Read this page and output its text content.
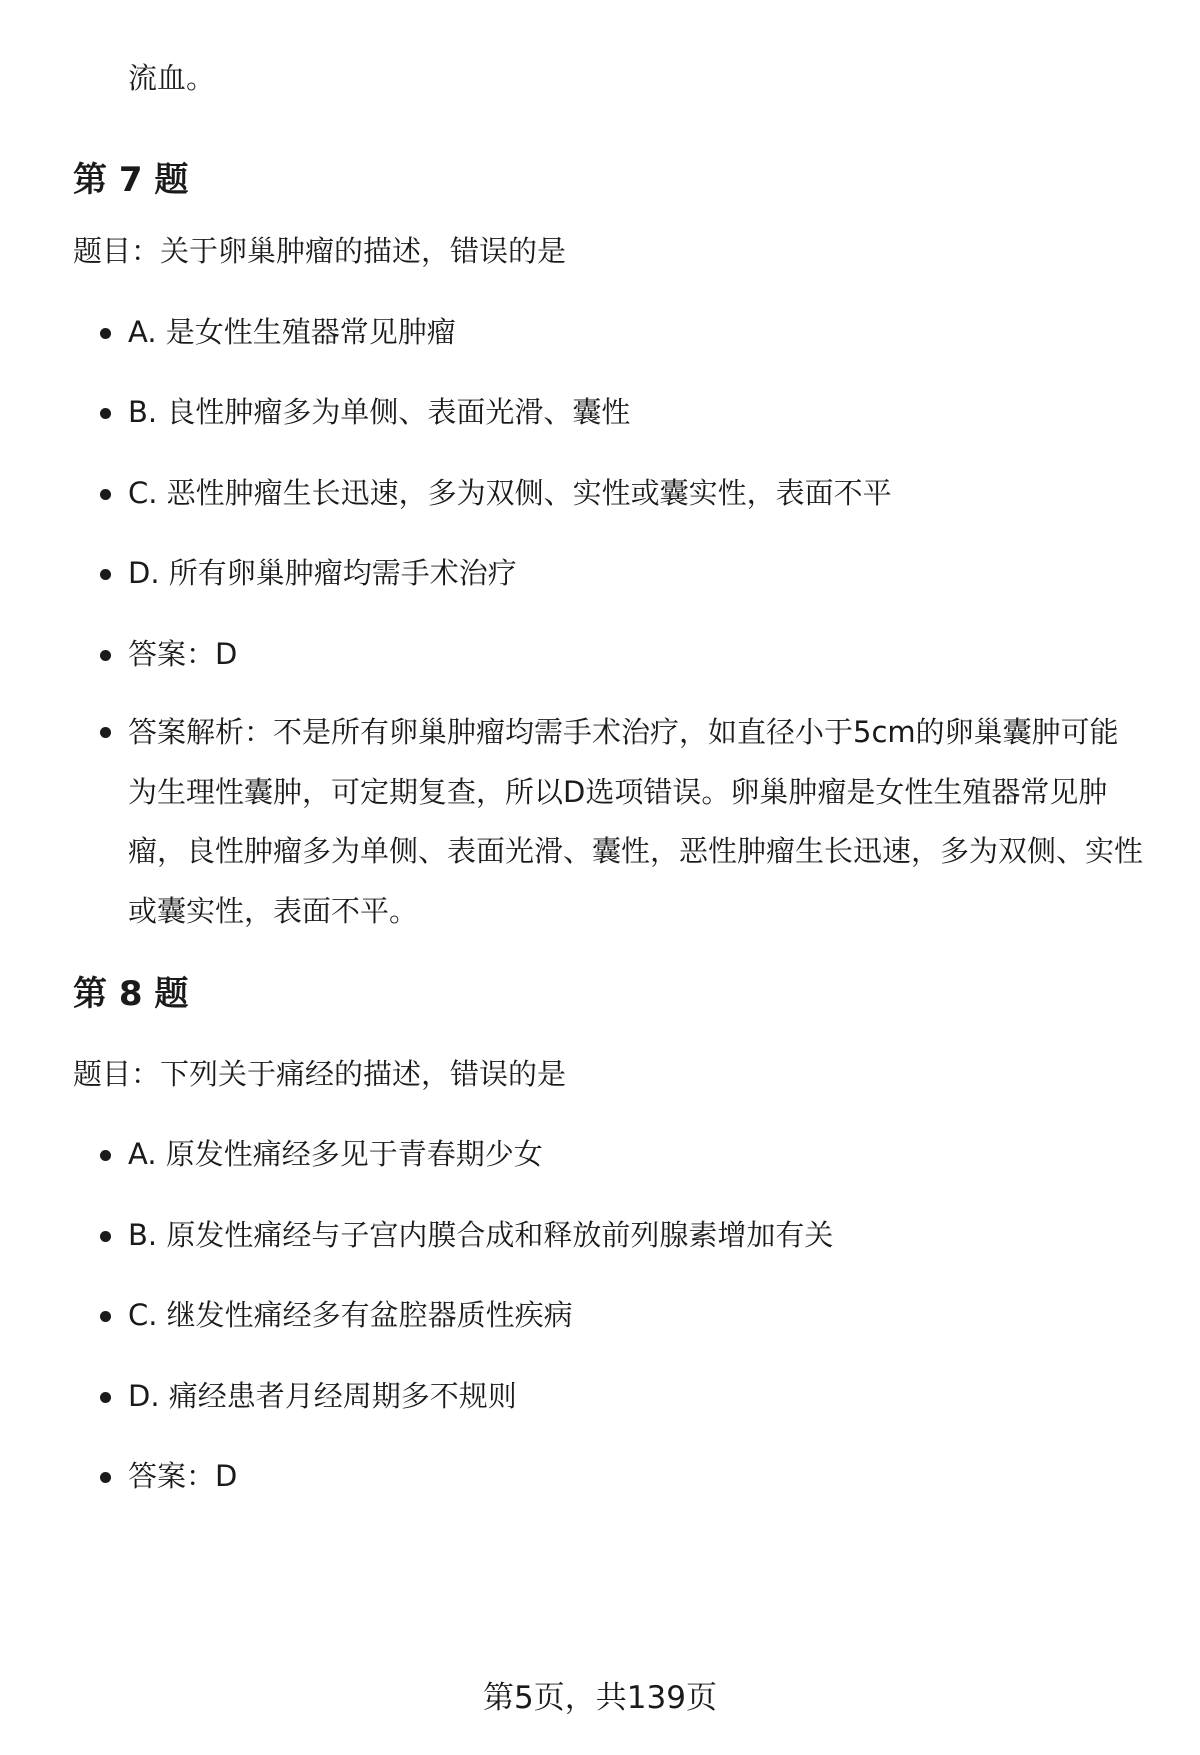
流血。
第 7 题

题目：关于卵巢肿瘤的描述，错误的是

A. 是女性生殖器常见肿瘤
B. 良性肿瘤多为单侧、表面光滑、囊性
C. 恶性肿瘤生长迅速，多为双侧、实性或囊实性，表面不平
D. 所有卵巢肿瘤均需手术治疗
答案：D
答案解析：不是所有卵巢肿瘤均需手术治疗，如直径小于5cm的卵巢囊肿可能为生理性囊肿，可定期复查，所以D选项错误。卵巢肿瘤是女性生殖器常见肿瘤，良性肿瘤多为单侧、表面光滑、囊性，恶性肿瘤生长迅速，多为双侧、实性或囊实性，表面不平。
第 8 题

题目：下列关于痛经的描述，错误的是

A. 原发性痛经多见于青春期少女
B. 原发性痛经与子宫内膜合成和释放前列腺素增加有关
C. 继发性痛经多有盆腔器质性疾病
D. 痛经患者月经周期多不规则
答案：D
第5页，共139页
